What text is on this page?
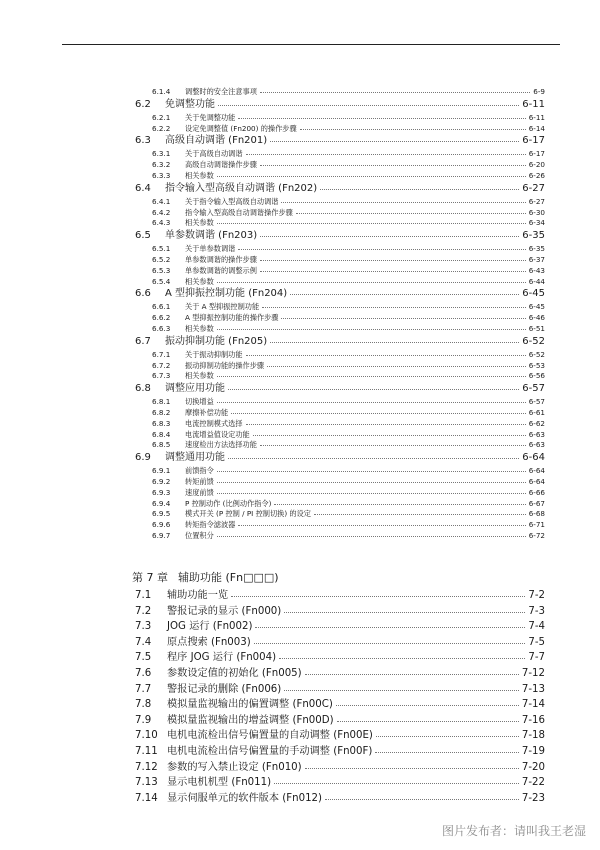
6.1.4	调整时的安全注意事项	6-9
6.2	免调整功能	6-11
6.2.1	关于免调整功能	6-11
6.2.2	设定免调整值 (Fn200) 的操作步骤	6-14
6.3	高级自动调谐 (Fn201)	6-17
6.3.1	关于高级自动调谐	6-17
6.3.2	高级自动调谐操作步骤	6-20
6.3.3	相关参数	6-26
6.4	指令输入型高级自动调谐 (Fn202)	6-27
6.4.1	关于指令输入型高级自动调谐	6-27
6.4.2	指令输入型高级自动调谐操作步骤	6-30
6.4.3	相关参数	6-34
6.5	单参数调谐 (Fn203)	6-35
6.5.1	关于单参数调谐	6-35
6.5.2	单参数调谐的操作步骤	6-37
6.5.3	单参数调谐的调整示例	6-43
6.5.4	相关参数	6-44
6.6	A 型抑振控制功能 (Fn204)	6-45
6.6.1	关于 A 型抑振控制功能	6-45
6.6.2	A 型抑振控制功能的操作步骤	6-46
6.6.3	相关参数	6-51
6.7	振动抑制功能 (Fn205)	6-52
6.7.1	关于振动抑制功能	6-52
6.7.2	振动抑制功能的操作步骤	6-53
6.7.3	相关参数	6-56
6.8	调整应用功能	6-57
6.8.1	切换增益	6-57
6.8.2	摩擦补偿功能	6-61
6.8.3	电流控制模式选择	6-62
6.8.4	电流增益值设定功能	6-63
6.8.5	速度检出方法选择功能	6-63
6.9	调整通用功能	6-64
6.9.1	前馈指令	6-64
6.9.2	转矩前馈	6-64
6.9.3	速度前馈	6-66
6.9.4	P 控制动作 (比例动作指令)	6-67
6.9.5	模式开关 (P 控制 / PI 控制切换) 的设定	6-68
6.9.6	转矩指令滤波器	6-71
6.9.7	位置积分	6-72
第 7 章 辅助功能 (Fn□□□)
7.1	辅助功能一览	7-2
7.2	警报记录的显示 (Fn000)	7-3
7.3	JOG 运行 (Fn002)	7-4
7.4	原点搜索 (Fn003)	7-5
7.5	程序 JOG 运行 (Fn004)	7-7
7.6	参数设定值的初始化 (Fn005)	7-12
7.7	警报记录的删除 (Fn006)	7-13
7.8	模拟量监视输出的偏置调整 (Fn00C)	7-14
7.9	模拟量监视输出的增益调整 (Fn00D)	7-16
7.10 电机电流检出信号偏置量的自动调整 (Fn00E)	7-18
7.11 电机电流检出信号偏置量的手动调整 (Fn00F)	7-19
7.12 参数的写入禁止设定 (Fn010)	7-20
7.13 显示电机机型 (Fn011)	7-22
7.14 显示伺服单元的软件版本 (Fn012)	7-23
图片发布者：请叫我王老湿
